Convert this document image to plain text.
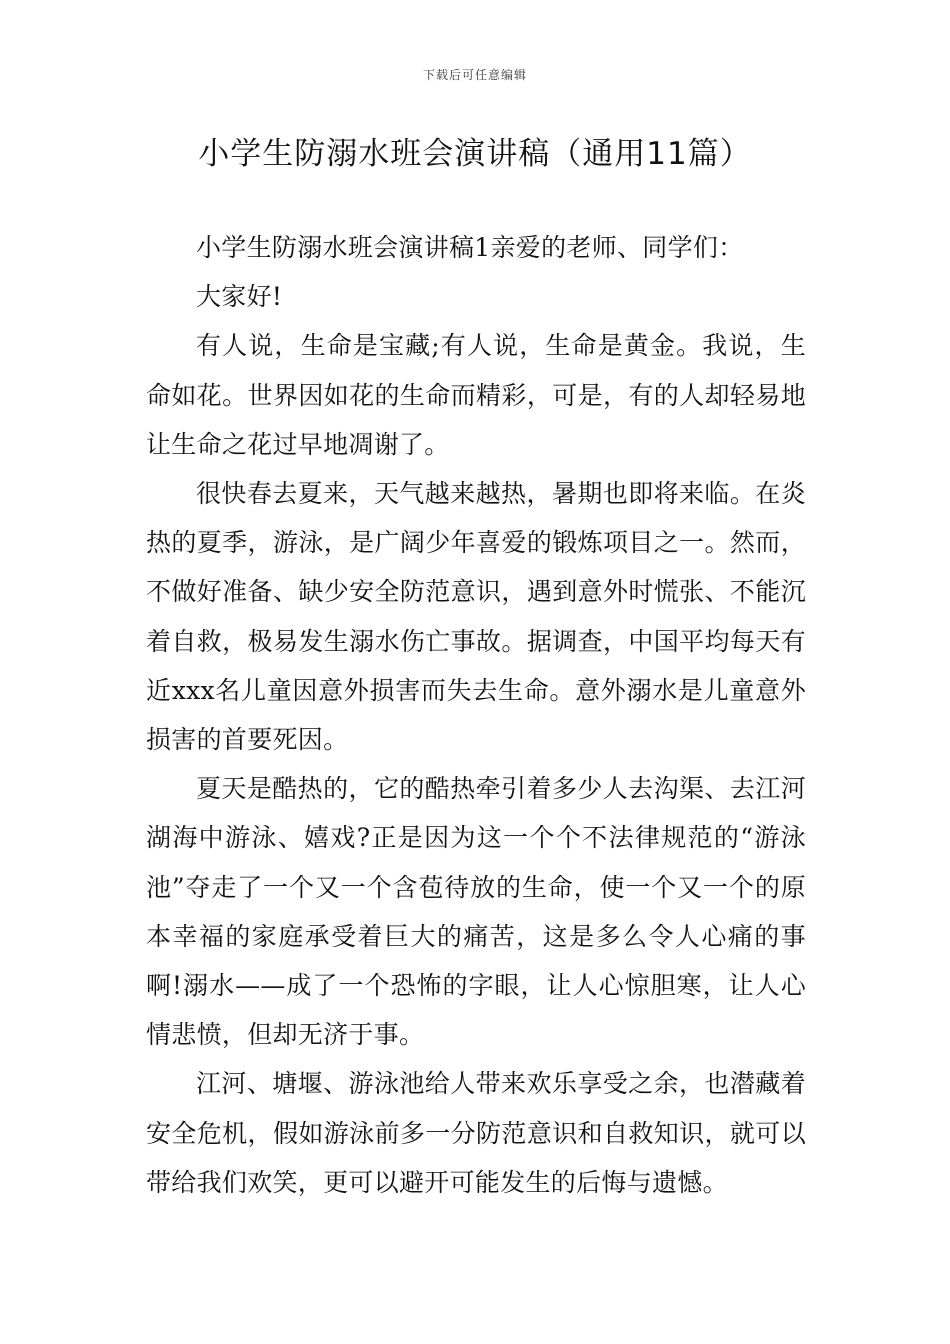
下载后可任意编辑
小学生防溺水班会演讲稿（通用11篇）

小学生防溺水班会演讲稿1亲爱的老师、同学们：

大家好!

有人说，生命是宝藏;有人说，生命是黄金。我说，生命如花。世界因如花的生命而精彩，可是，有的人却轻易地让生命之花过早地凋谢了。

很快春去夏来，天气越来越热，暑期也即将来临。在炎热的夏季，游泳，是广阔少年喜爱的锻炼项目之一。然而，不做好准备、缺少安全防范意识，遇到意外时慌张、不能沉着自救，极易发生溺水伤亡事故。据调查，中国平均每天有近xxx名儿童因意外损害而失去生命。意外溺水是儿童意外损害的首要死因。

夏天是酷热的，它的酷热牵引着多少人去沟渠、去江河湖海中游泳、嬉戏?正是因为这一个个不法律规范的“游泳池”夺走了一个又一个含苞待放的生命，使一个又一个的原本幸福的家庭承受着巨大的痛苦，这是多么令人心痛的事啊!溺水——成了一个恐怖的字眼，让人心惊胆寒，让人心情悲愤，但却无济于事。

江河、塘堰、游泳池给人带来欢乐享受之余，也潜藏着安全危机，假如游泳前多一分防范意识和自救知识，就可以带给我们欢笑，更可以避开可能发生的后悔与遗憾。
